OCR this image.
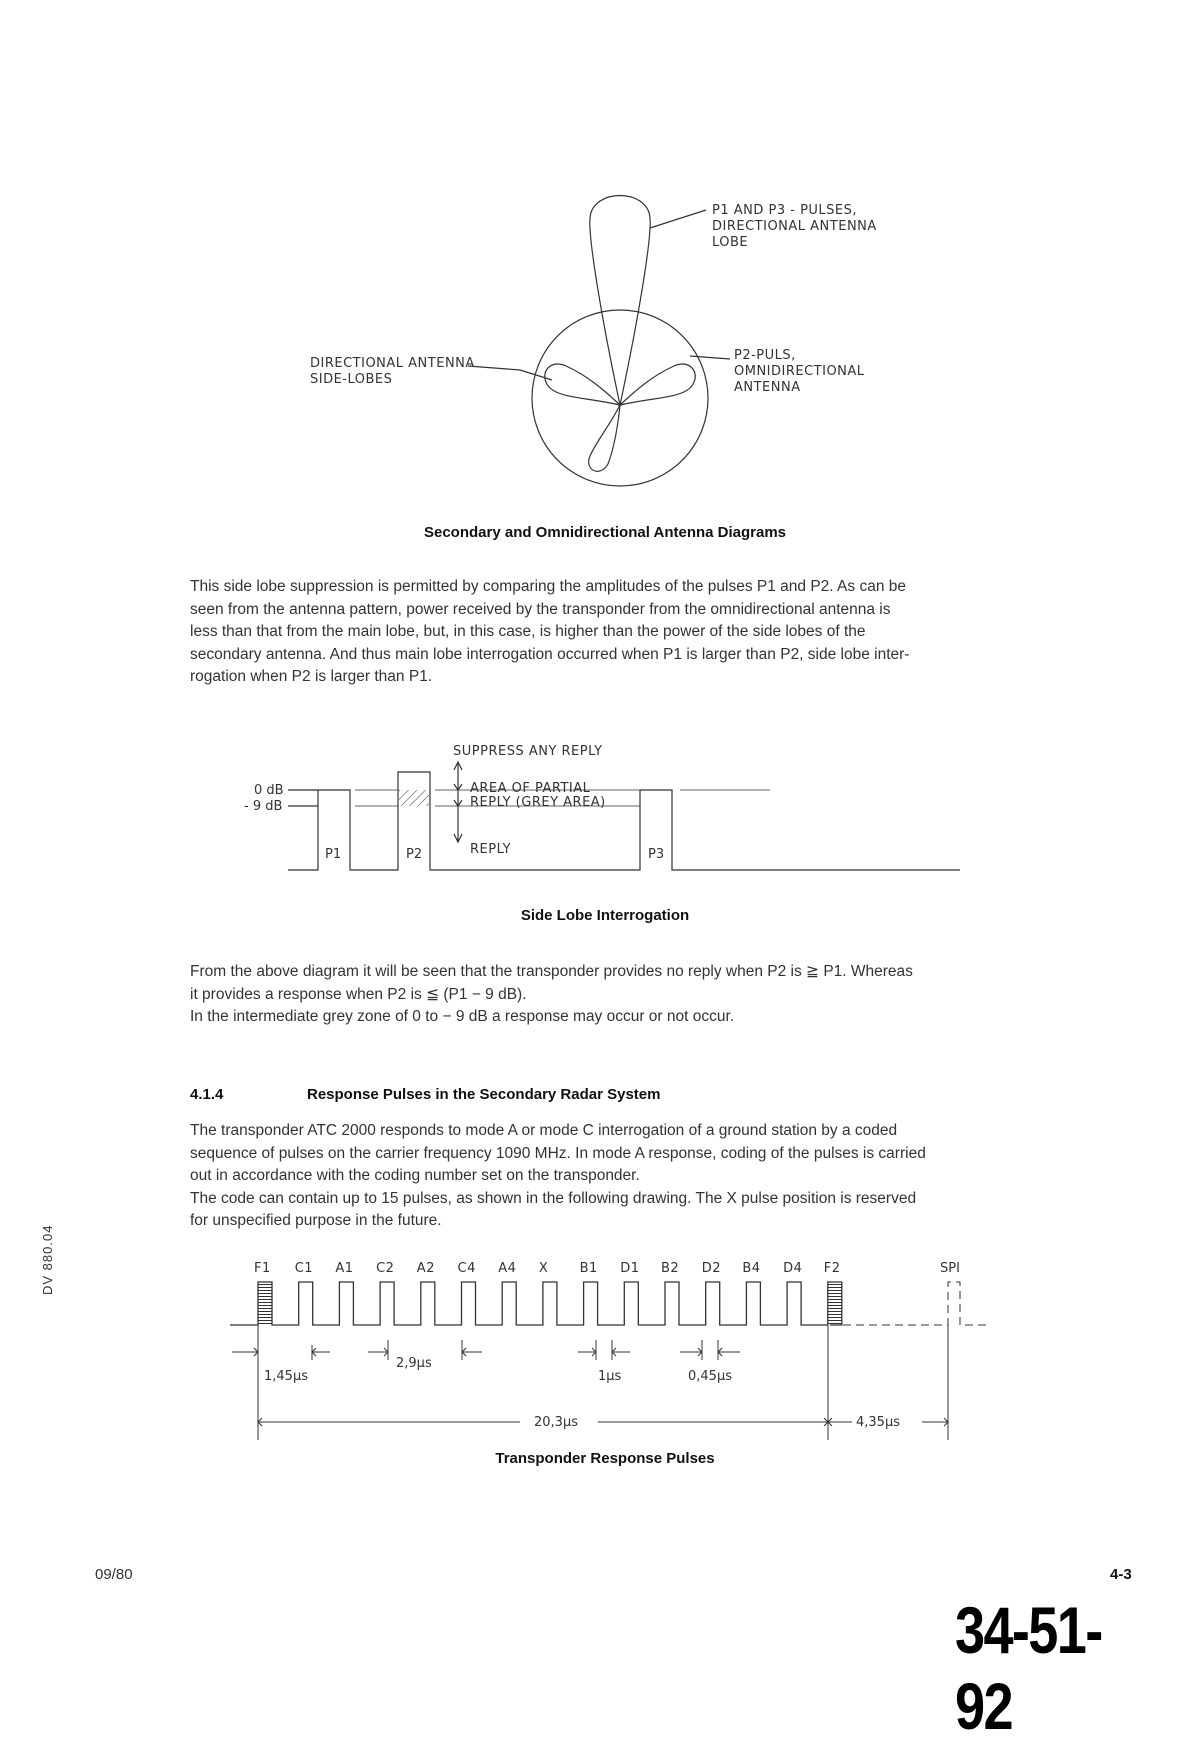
P1 AND P3 - PULSES,
DIRECTIONAL ANTENNA
LOBE
P2-PULS,
OMNIDIRECTIONAL
ANTENNA
DIRECTIONAL ANTENNA
SIDE-LOBES
Secondary and Omnidirectional Antenna Diagrams
This side lobe suppression is permitted by comparing the amplitudes of the pulses P1 and P2. As can be
seen from the antenna pattern, power received by the transponder from the omnidirectional antenna is
less than that from the main lobe, but, in this case, is higher than the power of the side lobes of the
secondary antenna. And thus main lobe interrogation occurred when P1 is larger than P2, side lobe inter-
rogation when P2 is larger than P1.
SUPPRESS ANY REPLY
0 dB
- 9 dB
AREA OF PARTIAL
REPLY (GREY AREA)
REPLY
P1	P2	P3
Side Lobe Interrogation
From the above diagram it will be seen that the transponder provides no reply when P2 is ≧ P1. Whereas
it provides a response when P2 is ≦ (P1 − 9 dB).
In the intermediate grey zone of 0 to − 9 dB a response may occur or not occur.
4.1.4	Response Pulses in the Secondary Radar System
The transponder ATC 2000 responds to mode A or mode C interrogation of a ground station by a coded
sequence of pulses on the carrier frequency 1090 MHz. In mode A response, coding of the pulses is carried
out in accordance with the coding number set on the transponder.
The code can contain up to 15 pulses, as shown in the following drawing. The X pulse position is reserved
for unspecified purpose in the future.
F1 C1 A1 C2 A2 C4 A4 X B1 D1 B2 D2 B4 D4 F2	SPI
1,45µs
2,9µs
1µs	0,45µs
20,3µs	4,35µs
Transponder Response Pulses
DV 880.04
09/80	4-3
34-51-92
